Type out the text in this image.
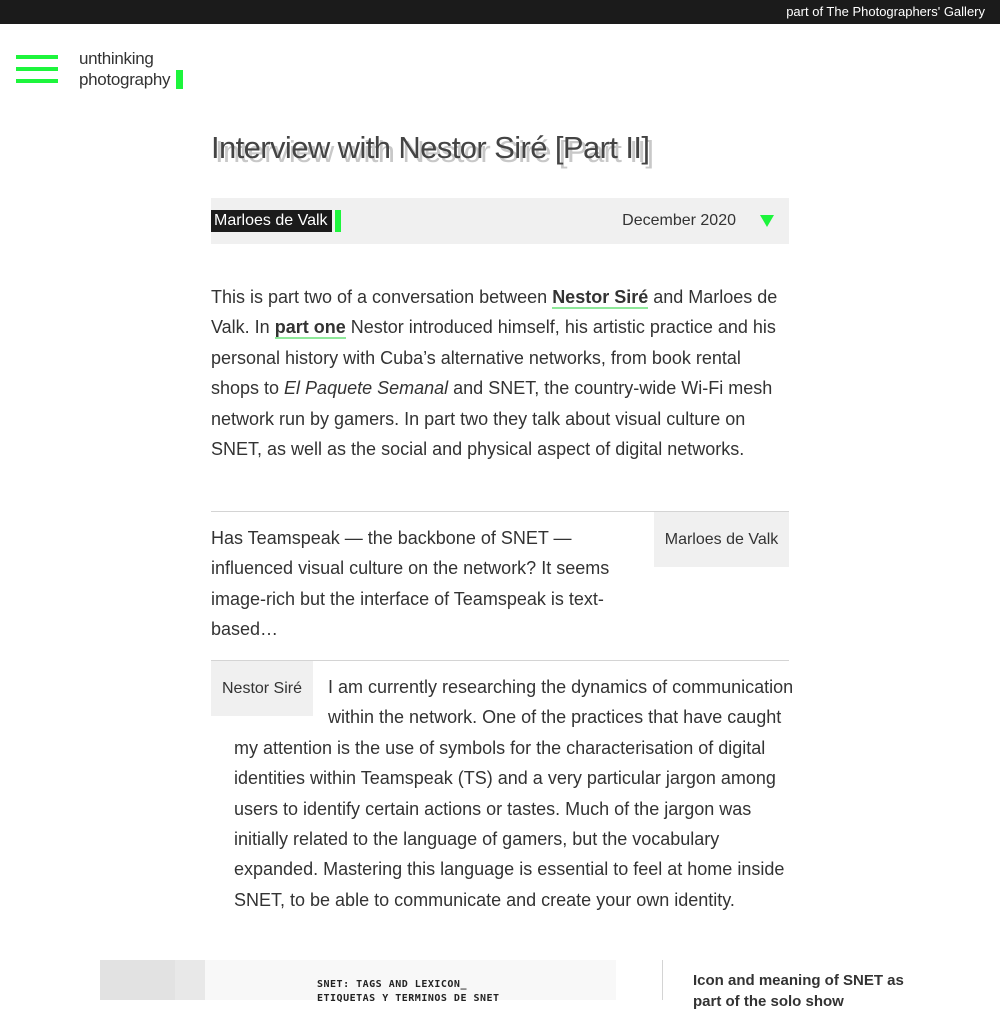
part of The Photographers' Gallery
unthinking
photography
Interview with Nestor Siré [Part II]
Marloes de Valk	December 2020

This is part two of a conversation between Nestor Siré and Marloes de Valk. In part one Nestor introduced himself, his artistic practice and his personal history with Cuba’s alternative networks, from book rental shops to El Paquete Semanal and SNET, the country-wide Wi-Fi mesh network run by gamers. In part two they talk about visual culture on SNET, as well as the social and physical aspect of digital networks.

Has Teamspeak — the backbone of SNET — influenced visual culture on the network? It seems image-rich but the interface of Teamspeak is text-based…

Marloes de Valk
Nestor Siré	I am currently researching the dynamics of communication
within the network. One of the practices that have caught
my attention is the use of symbols for the characterisation of digital
identities within Teamspeak (TS) and a very particular jargon among
users to identify certain actions or tastes. Much of the jargon was
initially related to the language of gamers, but the vocabulary
expanded. Mastering this language is essential to feel at home inside
SNET, to be able to communicate and create your own identity.
SNET: TAGS AND LEXICON_
ETIQUETAS Y TERMINOS DE SNET

Icon and meaning of SNET as part of the solo show
